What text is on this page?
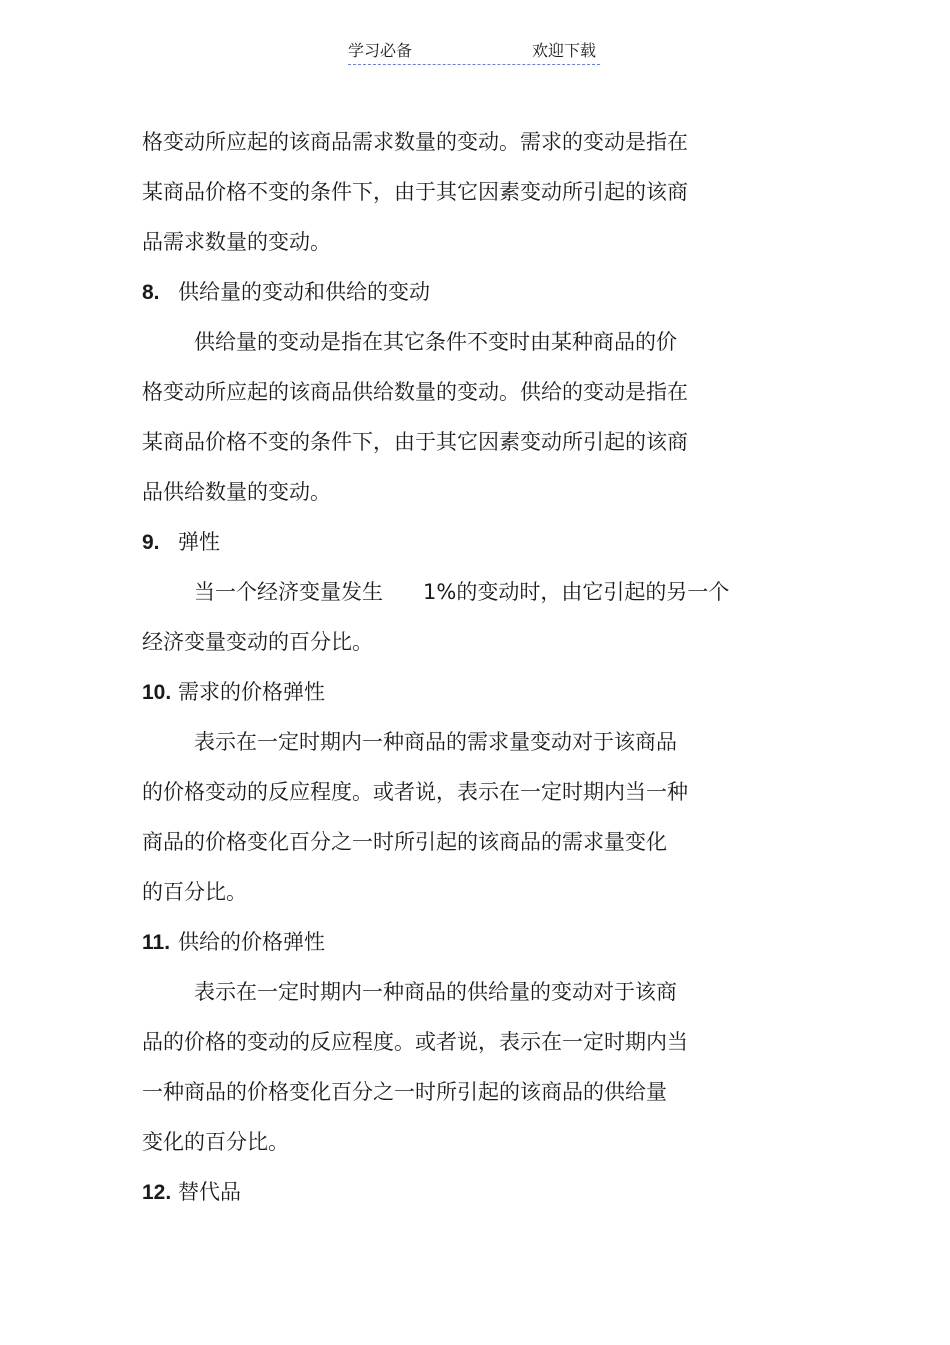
学习必备	欢迎下载
格变动所应起的该商品需求数量的变动。需求的变动是指在
某商品价格不变的条件下，由于其它因素变动所引起的该商
品需求数量的变动。
8. 供给量的变动和供给的变动
供给量的变动是指在其它条件不变时由某种商品的价
格变动所应起的该商品供给数量的变动。供给的变动是指在
某商品价格不变的条件下，由于其它因素变动所引起的该商
品供给数量的变动。
9. 弹性
当一个经济变量发生 1%的变动时，由它引起的另一个
经济变量变动的百分比。
10. 需求的价格弹性
表示在一定时期内一种商品的需求量变动对于该商品
的价格变动的反应程度。或者说，表示在一定时期内当一种
商品的价格变化百分之一时所引起的该商品的需求量变化
的百分比。
11. 供给的价格弹性
表示在一定时期内一种商品的供给量的变动对于该商
品的价格的变动的反应程度。或者说，表示在一定时期内当
一种商品的价格变化百分之一时所引起的该商品的供给量
变化的百分比。
12. 替代品
